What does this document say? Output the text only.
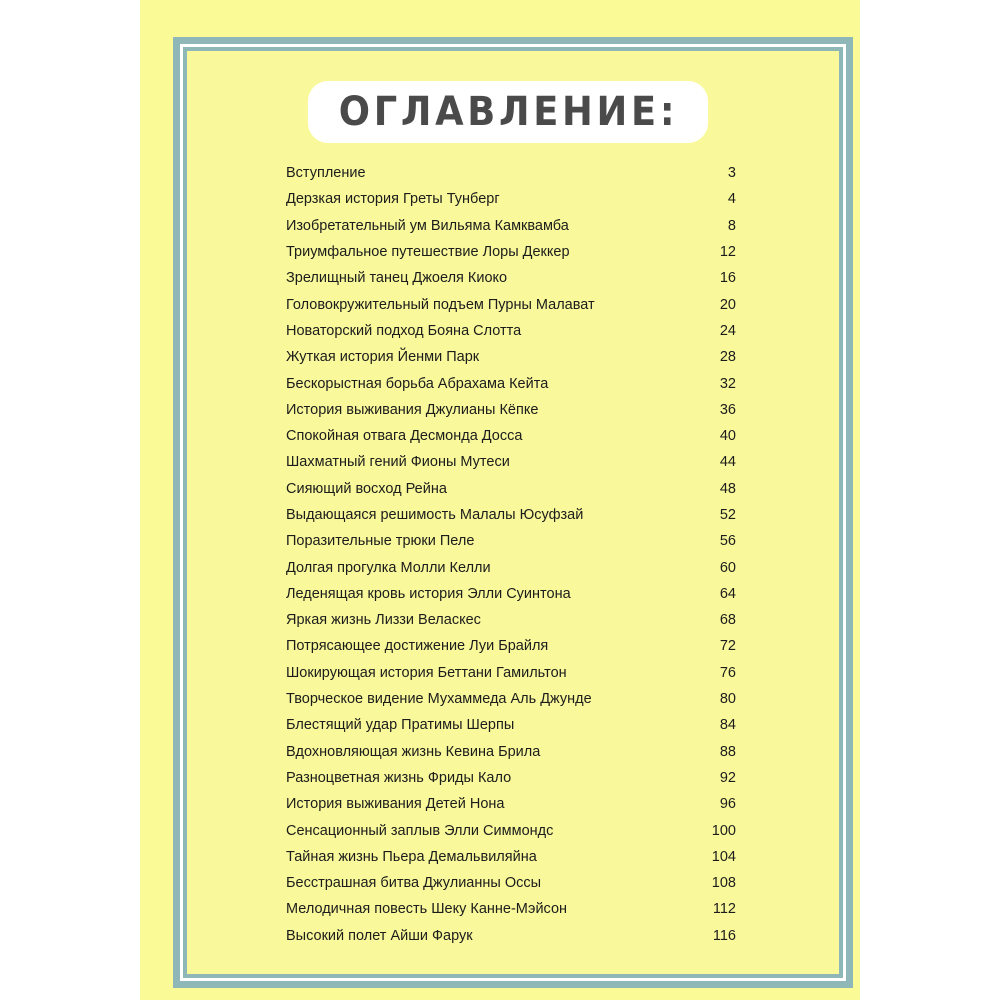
ОГЛАВЛЕНИЕ:
Вступление	3
Дерзкая история Греты Тунберг	4
Изобретательный ум Вильяма Камквамба	8
Триумфальное путешествие Лоры Деккер	12
Зрелищный танец Джоеля Киоко	16
Головокружительный подъем Пурны Малават	20
Новаторский подход Бояна Слотта	24
Жуткая история Йенми Парк	28
Бескорыстная борьба Абрахама Кейта	32
История выживания Джулианы Кёпке	36
Спокойная отвага Десмонда Досса	40
Шахматный гений Фионы Мутеси	44
Сияющий восход Рейна	48
Выдающаяся решимость Малалы Юсуфзай	52
Поразительные трюки Пеле	56
Долгая прогулка Молли Келли	60
Леденящая кровь история Элли Суинтона	64
Яркая жизнь Лиззи Веласкес	68
Потрясающее достижение Луи Брайля	72
Шокирующая история Беттани Гамильтон	76
Творческое видение Мухаммеда Аль Джунде	80
Блестящий удар Пратимы Шерпы	84
Вдохновляющая жизнь Кевина Брила	88
Разноцветная жизнь Фриды Кало	92
История выживания Детей Нона	96
Сенсационный заплыв Элли Симмондс	100
Тайная жизнь Пьера Демальвиляйна	104
Бесстрашная битва Джулианны Оссы	108
Мелодичная повесть Шеку Канне-Мэйсон	112
Высокий полет Айши Фарук	116
